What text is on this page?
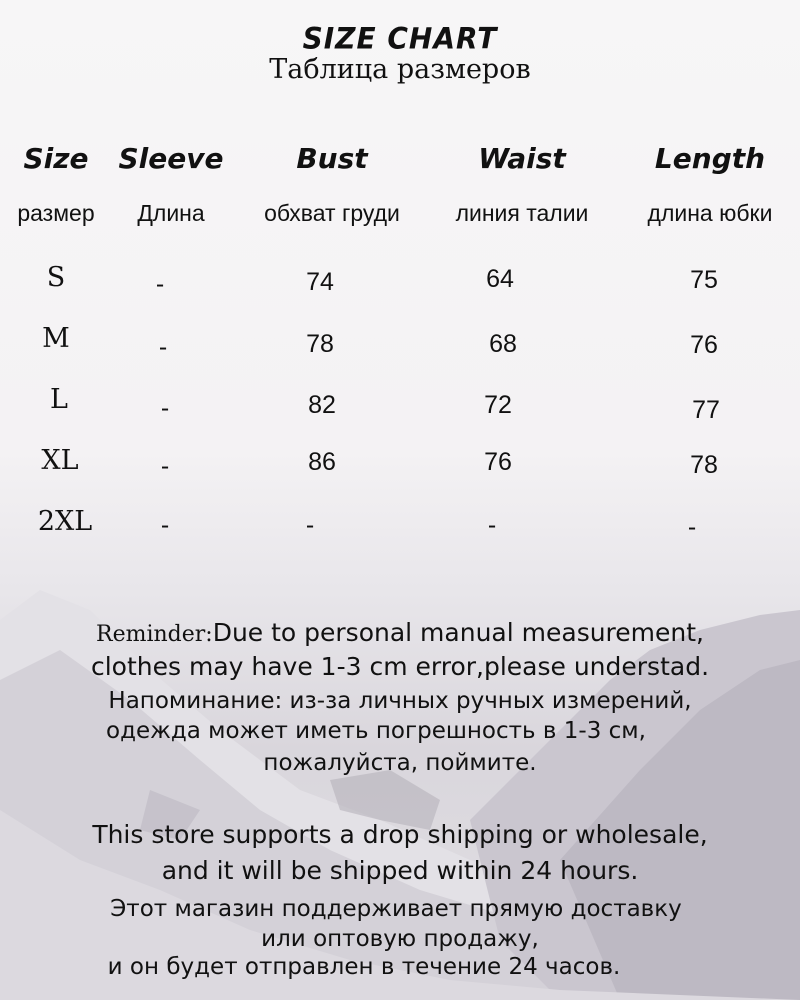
SIZE CHART
Таблица размеров
Size	Sleeve	Bust	Waist	Length
размер	Длина	обхват груди	линия талии	длина юбки
S	-	74	64	75
M	-	78	68	76
L	-	82	72	77
XL	-	86	76	78
2XL	-	-	-	-
Reminder:Due to personal manual measurement,
clothes may have 1-3 cm error,please understad.
Напоминание: из-за личных ручных измерений,
одежда может иметь погрешность в 1-3 см,
пожалуйста, поймите.
This store supports a drop shipping or wholesale,
and it will be shipped within 24 hours.
Этот магазин поддерживает прямую доставку
или оптовую продажу,
и он будет отправлен в течение 24 часов.
